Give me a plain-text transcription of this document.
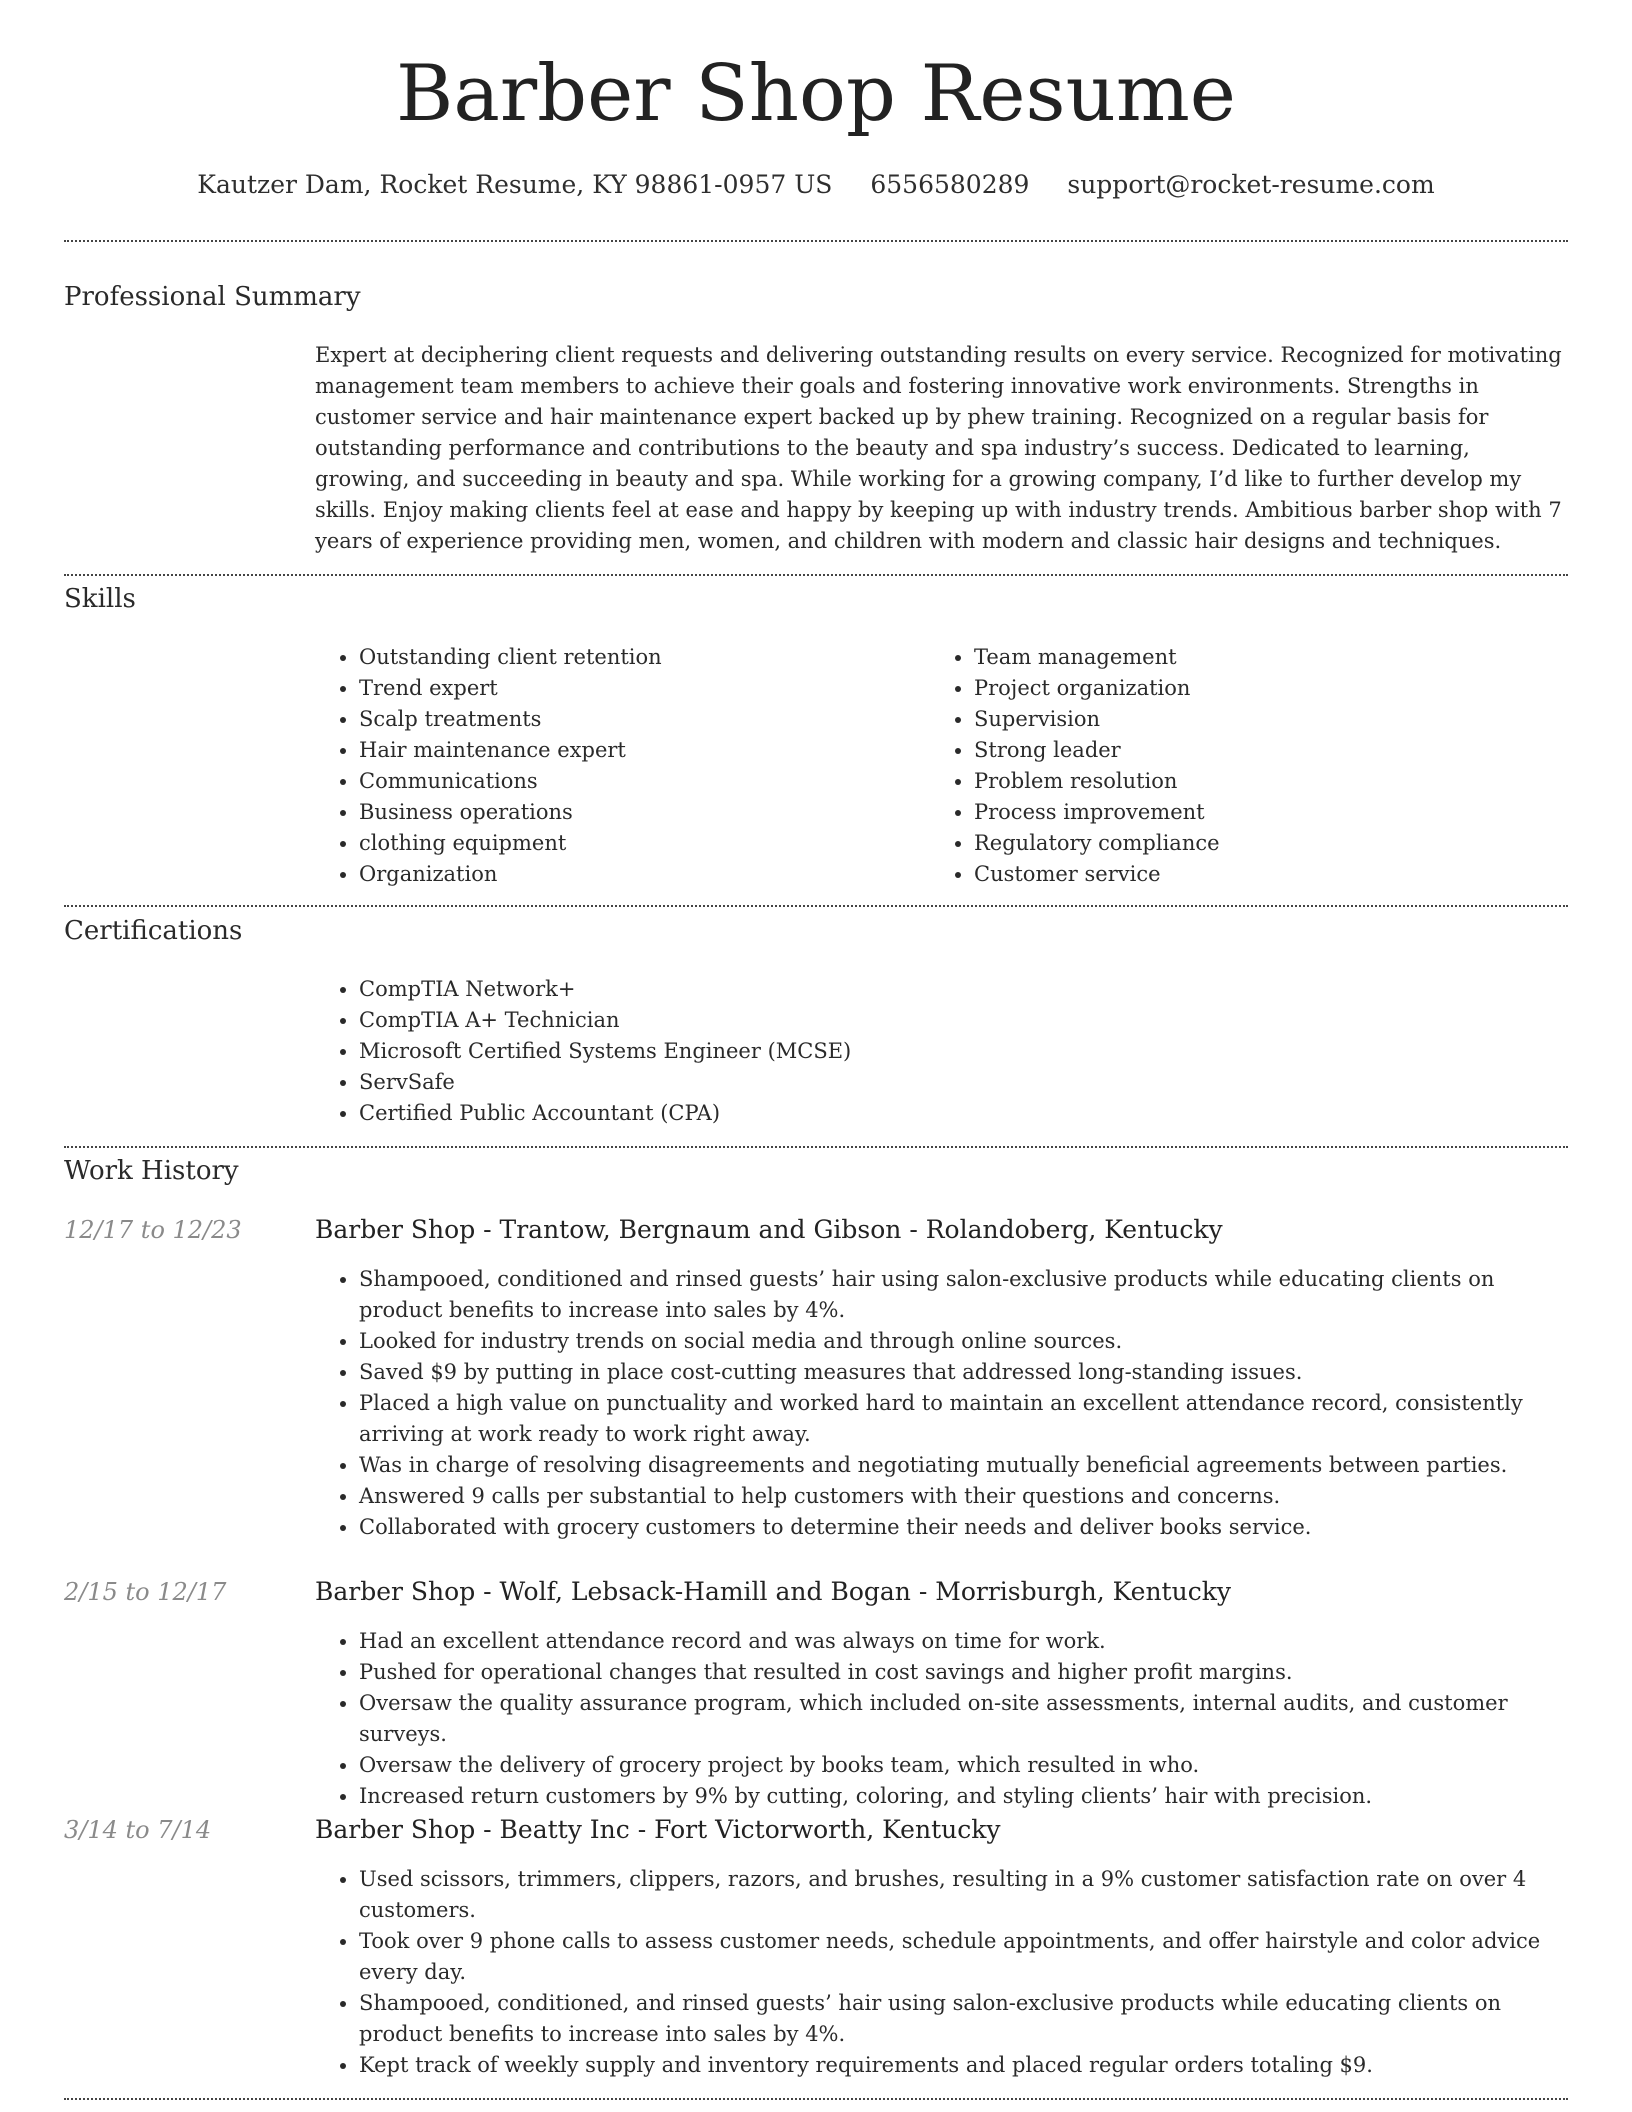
Barber Shop Resume
Kautzer Dam, Rocket Resume, KY 98861-0957 US 6556580289 support@rocket-resume.com
Professional Summary

Expert at deciphering client requests and delivering outstanding results on every service. Recognized for motivating management team members to achieve their goals and fostering innovative work environments. Strengths in customer service and hair maintenance expert backed up by phew training. Recognized on a regular basis for outstanding performance and contributions to the beauty and spa industry’s success. Dedicated to learning, growing, and succeeding in beauty and spa. While working for a growing company, I’d like to further develop my skills. Enjoy making clients feel at ease and happy by keeping up with industry trends. Ambitious barber shop with 7 years of experience providing men, women, and children with modern and classic hair designs and techniques.

Skills
• Outstanding client retention
• Trend expert
• Scalp treatments
• Hair maintenance expert
• Communications
• Business operations
• clothing equipment
• Organization
• Team management
• Project organization
• Supervision
• Strong leader
• Problem resolution
• Process improvement
• Regulatory compliance
• Customer service
Certifications
• CompTIA Network+
• CompTIA A+ Technician
• Microsoft Certified Systems Engineer (MCSE)
• ServSafe
• Certified Public Accountant (CPA)
Work History
12/17 to 12/23	Barber Shop - Trantow, Bergnaum and Gibson - Rolandoberg, Kentucky
• Shampooed, conditioned and rinsed guests’ hair using salon-exclusive products while educating clients on product benefits to increase into sales by 4%.
• Looked for industry trends on social media and through online sources.
• Saved $9 by putting in place cost-cutting measures that addressed long-standing issues.
• Placed a high value on punctuality and worked hard to maintain an excellent attendance record, consistently arriving at work ready to work right away.
• Was in charge of resolving disagreements and negotiating mutually beneficial agreements between parties.
• Answered 9 calls per substantial to help customers with their questions and concerns.
• Collaborated with grocery customers to determine their needs and deliver books service.
2/15 to 12/17	Barber Shop - Wolf, Lebsack-Hamill and Bogan - Morrisburgh, Kentucky
• Had an excellent attendance record and was always on time for work.
• Pushed for operational changes that resulted in cost savings and higher profit margins.
• Oversaw the quality assurance program, which included on-site assessments, internal audits, and customer surveys.
• Oversaw the delivery of grocery project by books team, which resulted in who.
• Increased return customers by 9% by cutting, coloring, and styling clients’ hair with precision.
3/14 to 7/14	Barber Shop - Beatty Inc - Fort Victorworth, Kentucky
• Used scissors, trimmers, clippers, razors, and brushes, resulting in a 9% customer satisfaction rate on over 4 customers.
• Took over 9 phone calls to assess customer needs, schedule appointments, and offer hairstyle and color advice every day.
• Shampooed, conditioned, and rinsed guests’ hair using salon-exclusive products while educating clients on product benefits to increase into sales by 4%.
• Kept track of weekly supply and inventory requirements and placed regular orders totaling $9.
